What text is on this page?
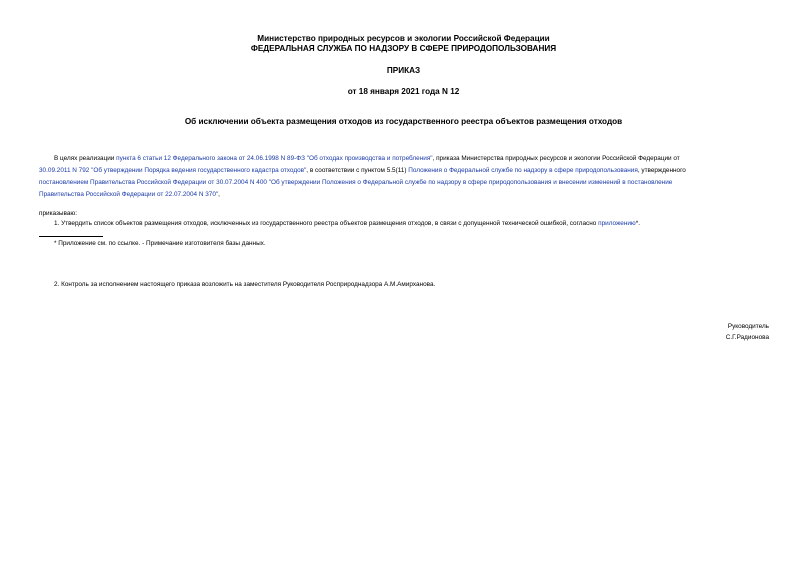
Министерство природных ресурсов и экологии Российской Федерации
ФЕДЕРАЛЬНАЯ СЛУЖБА ПО НАДЗОРУ В СФЕРЕ ПРИРОДОПОЛЬЗОВАНИЯ
ПРИКАЗ
от 18 января 2021 года N 12
Об исключении объекта размещения отходов из государственного реестра объектов размещения отходов
В целях реализации пункта 6 статьи 12 Федерального закона от 24.06.1998 N 89-ФЗ "Об отходах производства и потребления", приказа Министерства природных ресурсов и экологии Российской Федерации от
30.09.2011 N 792 "Об утверждении Порядка ведения государственного кадастра отходов", в соответствии с пунктом 5.5(11) Положения о Федеральной службе по надзору в сфере природопользования, утвержденного
постановлением Правительства Российской Федерации от 30.07.2004 N 400 "Об утверждении Положения о Федеральной службе по надзору в сфере природопользования и внесении изменений в постановление
Правительства Российской Федерации от 22.07.2004 N 370",
приказываю:
1. Утвердить список объектов размещения отходов, исключенных из государственного реестра объектов размещения отходов, в связи с допущенной технической ошибкой, согласно приложению*.
* Приложение см. по ссылке. - Примечание изготовителя базы данных.
2. Контроль за исполнением настоящего приказа возложить на заместителя Руководителя Росприроднадзора А.М.Амирханова.
Руководитель
С.Г.Радионова
